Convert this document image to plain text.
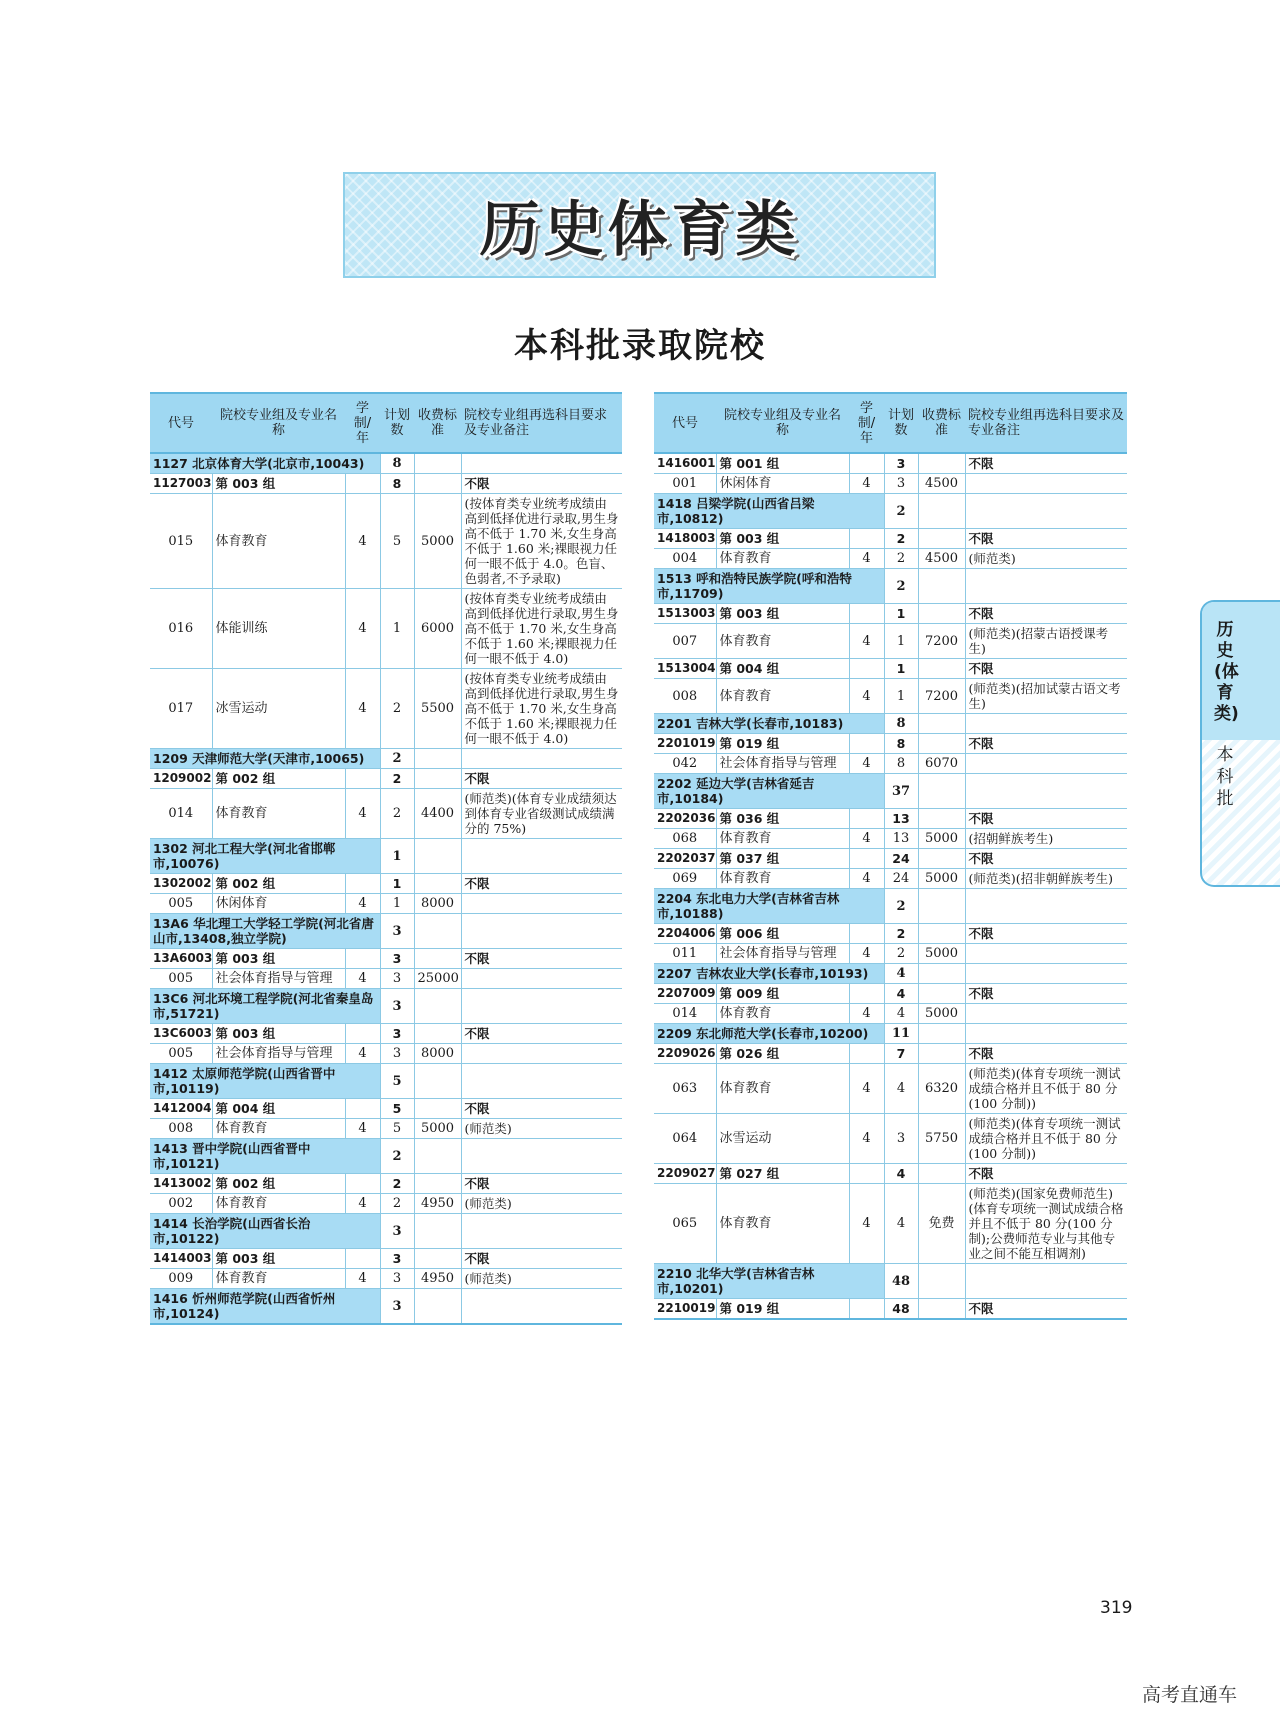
历史体育类
本科批录取院校
代号	院校专业组及专业名称	学制/年	计划数	收费标准	院校专业组再选科目要求及专业备注
1127 北京体育大学(北京市,10043)			8		
1127003	第 003 组		8		不限
015	体育教育	4	5	5000	(按体育类专业统考成绩由高到低择优进行录取,男生身高不低于 1.70 米,女生身高不低于 1.60 米;裸眼视力任何一眼不低于 4.0。色盲、色弱者,不予录取)
016	体能训练	4	1	6000	(按体育类专业统考成绩由高到低择优进行录取,男生身高不低于 1.70 米,女生身高不低于 1.60 米;裸眼视力任何一眼不低于 4.0)
017	冰雪运动	4	2	5500	(按体育类专业统考成绩由高到低择优进行录取,男生身高不低于 1.70 米,女生身高不低于 1.60 米;裸眼视力任何一眼不低于 4.0)
1209 天津师范大学(天津市,10065)			2		
1209002	第 002 组		2		不限
014	体育教育	4	2	4400	(师范类)(体育专业成绩须达到体育专业省级测试成绩满分的 75%)
1302 河北工程大学(河北省邯郸市,10076)			1		
1302002	第 002 组		1		不限
005	休闲体育	4	1	8000	
13A6 华北理工大学轻工学院(河北省唐山市,13408,独立学院)			3		
13A6003	第 003 组		3		不限
005	社会体育指导与管理	4	3	25000	
13C6 河北环境工程学院(河北省秦皇岛市,51721)			3		
13C6003	第 003 组		3		不限
005	社会体育指导与管理	4	3	8000	
1412 太原师范学院(山西省晋中市,10119)			5		
1412004	第 004 组		5		不限
008	体育教育	4	5	5000	(师范类)
1413 晋中学院(山西省晋中市,10121)			2		
1413002	第 002 组		2		不限
002	体育教育	4	2	4950	(师范类)
1414 长治学院(山西省长治市,10122)			3		
1414003	第 003 组		3		不限
009	体育教育	4	3	4950	(师范类)
1416 忻州师范学院(山西省忻州市,10124)			3		
代号	院校专业组及专业名称	学制/年	计划数	收费标准	院校专业组再选科目要求及专业备注
1416001	第 001 组		3		不限
001	休闲体育	4	3	4500	
1418 吕梁学院(山西省吕梁市,10812)			2		
1418003	第 003 组		2		不限
004	体育教育	4	2	4500	(师范类)
1513 呼和浩特民族学院(呼和浩特市,11709)			2		
1513003	第 003 组		1		不限
007	体育教育	4	1	7200	(师范类)(招蒙古语授课考生)
1513004	第 004 组		1		不限
008	体育教育	4	1	7200	(师范类)(招加试蒙古语文考生)
2201 吉林大学(长春市,10183)			8		
2201019	第 019 组		8		不限
042	社会体育指导与管理	4	8	6070	
2202 延边大学(吉林省延吉市,10184)			37		
2202036	第 036 组		13		不限
068	体育教育	4	13	5000	(招朝鲜族考生)
2202037	第 037 组		24		不限
069	体育教育	4	24	5000	(师范类)(招非朝鲜族考生)
2204 东北电力大学(吉林省吉林市,10188)			2		
2204006	第 006 组		2		不限
011	社会体育指导与管理	4	2	5000	
2207 吉林农业大学(长春市,10193)			4		
2207009	第 009 组		4		不限
014	体育教育	4	4	5000	
2209 东北师范大学(长春市,10200)			11		
2209026	第 026 组		7		不限
063	体育教育	4	4	6320	(师范类)(体育专项统一测试成绩合格并且不低于 80 分(100 分制))
064	冰雪运动	4	3	5750	(师范类)(体育专项统一测试成绩合格并且不低于 80 分(100 分制))
2209027	第 027 组		4		不限
065	体育教育	4	4	免费	(师范类)(国家免费师范生)(体育专项统一测试成绩合格并且不低于 80 分(100 分制);公费师范专业与其他专业之间不能互相调剂)
2210 北华大学(吉林省吉林市,10201)			48		
2210019	第 019 组		48		不限
历史(体育类)
本科批
319
高考直通车
